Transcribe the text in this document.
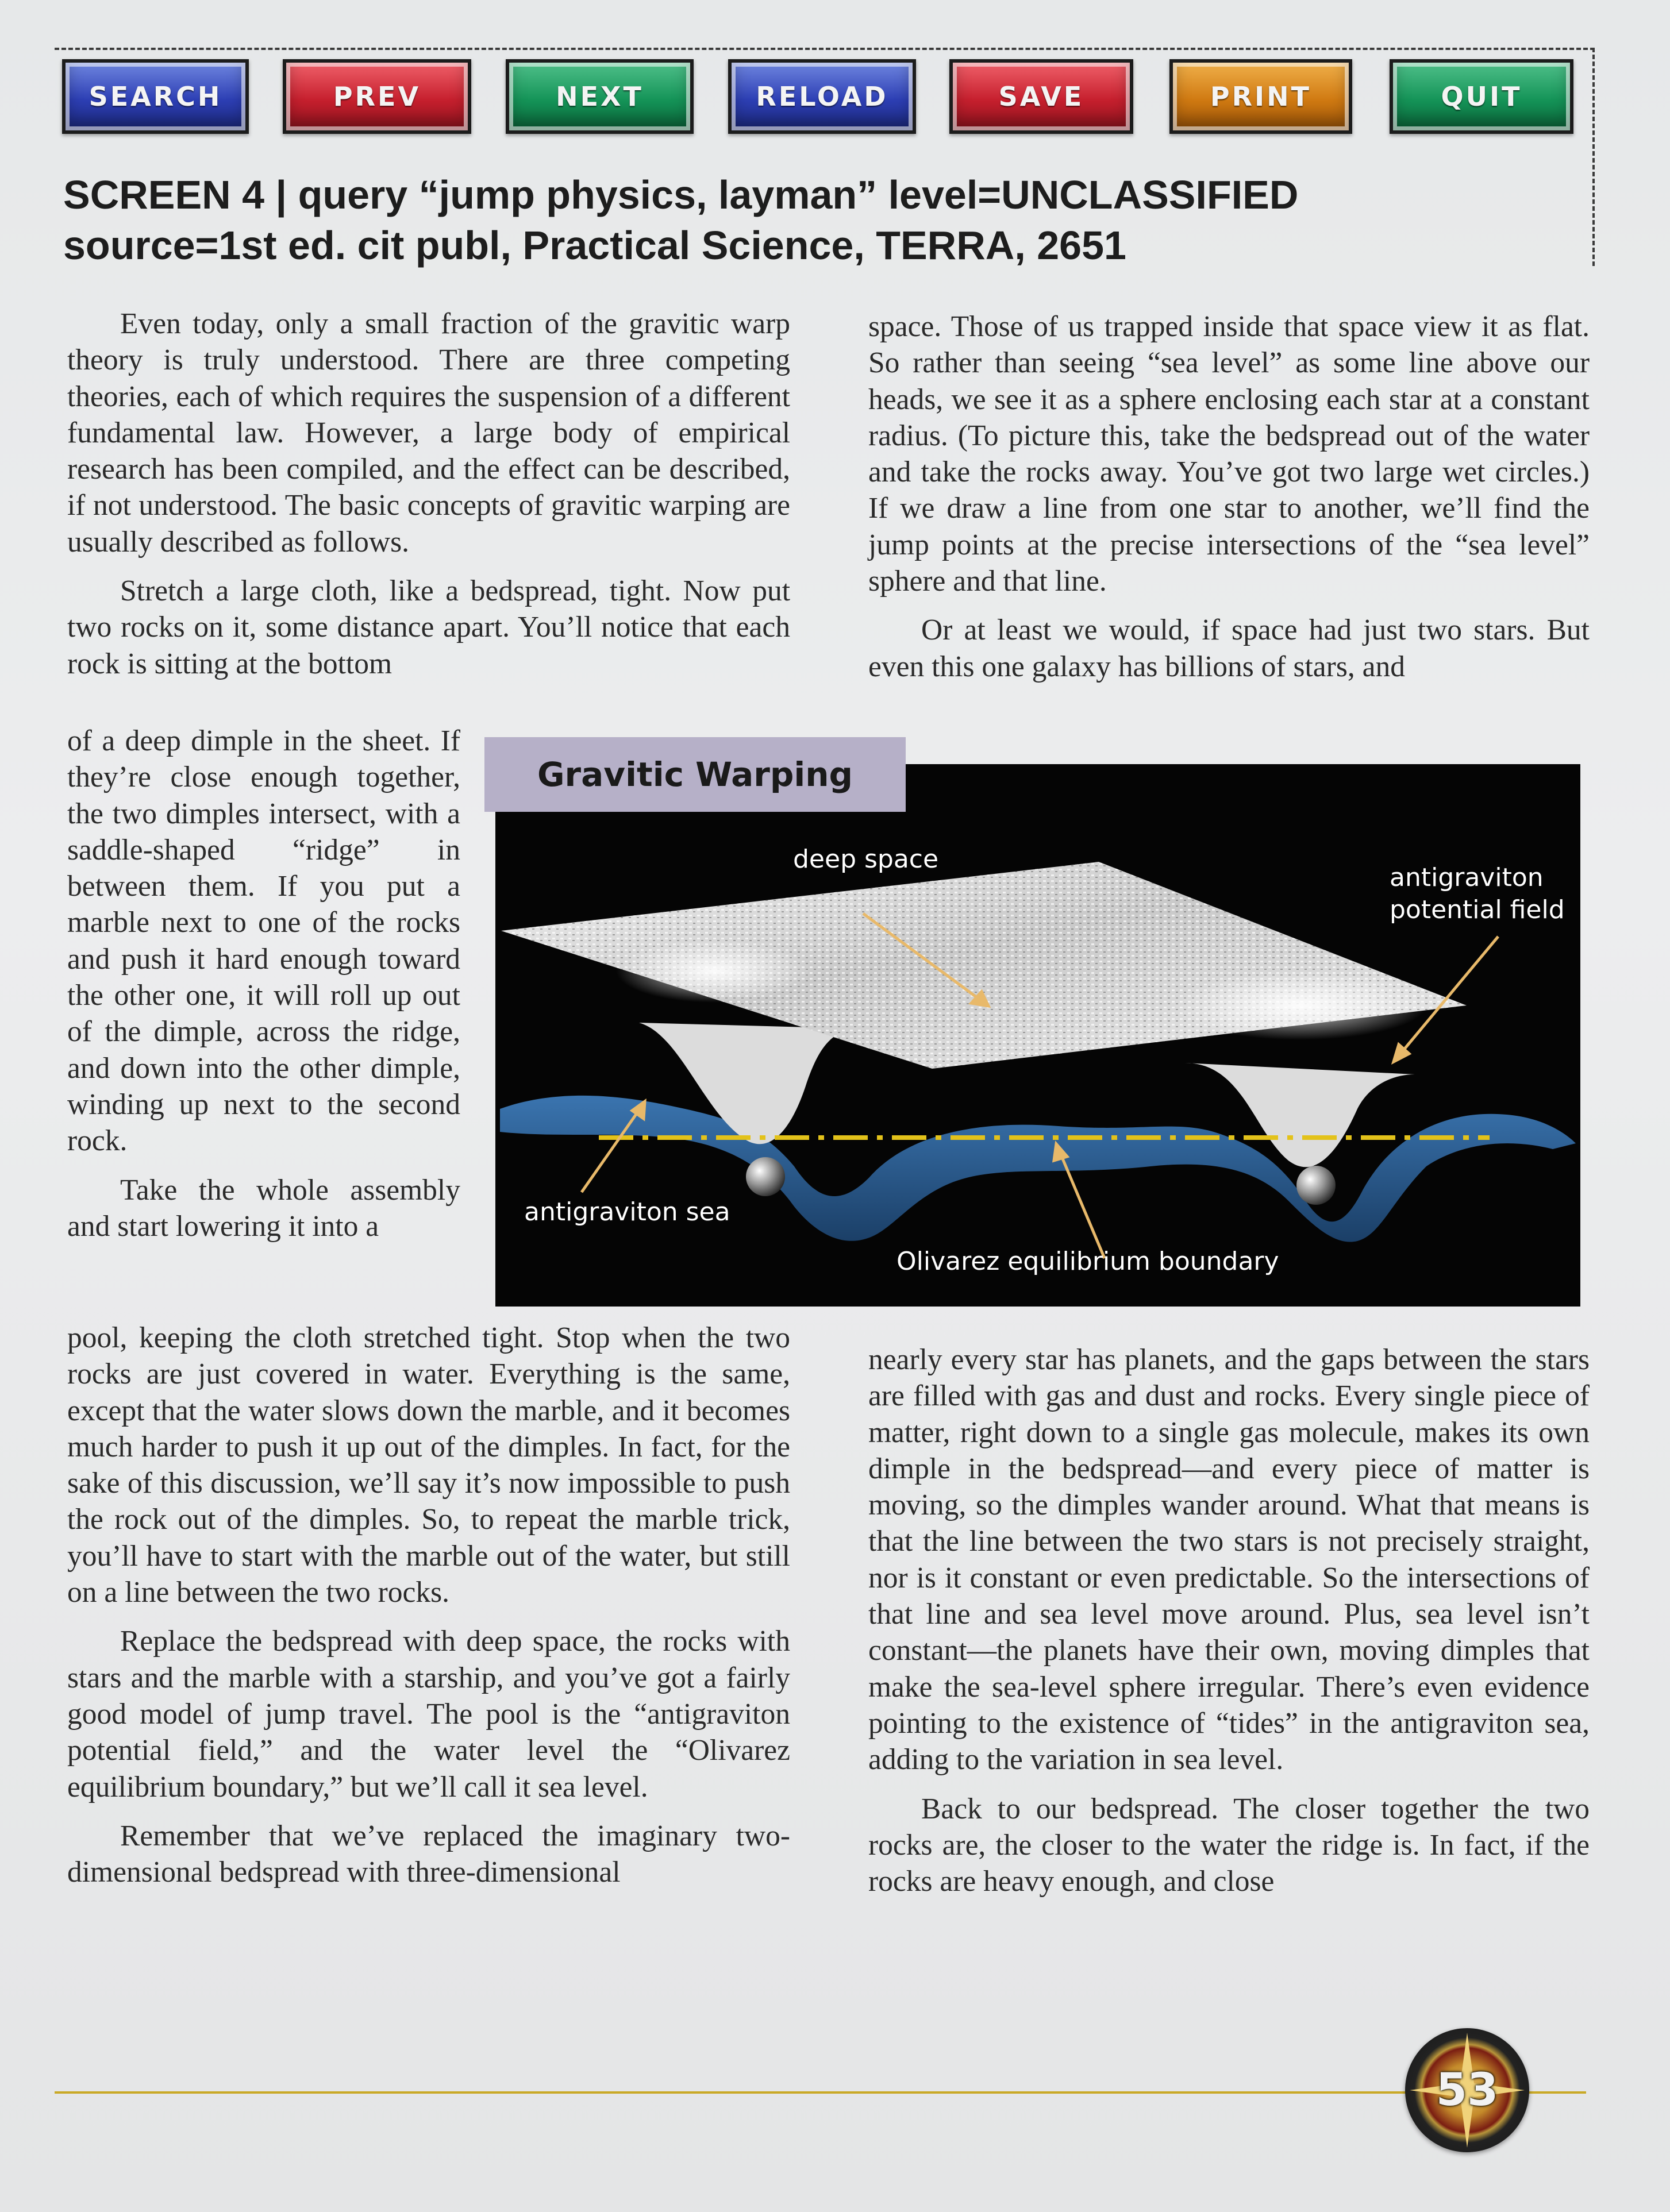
SEARCH	PREV	NEXT	RELOAD	SAVE	PRINT	QUIT
SCREEN 4 | query “jump physics, layman” level=UNCLASSIFIED
source=1st ed. cit publ, Practical Science, TERRA, 2651

Even today, only a small fraction of the gravitic warp theory is truly understood. There are three competing theories, each of which requires the suspension of a different fundamental law. However, a large body of empirical research has been compiled, and the effect can be described, if not understood. The basic concepts of gravitic warping are usually described as follows.

Stretch a large cloth, like a bedspread, tight. Now put two rocks on it, some distance apart. You’ll notice that each rock is sitting at the bottom

of a deep dimple in the sheet. If they’re close enough together, the two dimples intersect, with a saddle-shaped “ridge” in between them. If you put a marble next to one of the rocks and push it hard enough toward the other one, it will roll up out of the dimple, across the ridge, and down into the other dimple, winding up next to the second rock.

Take the whole assembly and start lowering it into a

pool, keeping the cloth stretched tight. Stop when the two rocks are just covered in water. Everything is the same, except that the water slows down the marble, and it becomes much harder to push it up out of the dimples. In fact, for the sake of this discussion, we’ll say it’s now impossible to push the rock out of the dimples. So, to repeat the marble trick, you’ll have to start with the marble out of the water, but still on a line between the two rocks.

Replace the bedspread with deep space, the rocks with stars and the marble with a starship, and you’ve got a fairly good model of jump travel. The pool is the “antigraviton potential field,” and the water level the “Olivarez equilibrium boundary,” but we’ll call it sea level.

Remember that we’ve replaced the imaginary two-dimensional bedspread with three-dimensional

space. Those of us trapped inside that space view it as flat. So rather than seeing “sea level” as some line above our heads, we see it as a sphere enclosing each star at a constant radius. (To picture this, take the bedspread out of the water and take the rocks away. You’ve got two large wet circles.) If we draw a line from one star to another, we’ll find the jump points at the precise intersections of the “sea level” sphere and that line.

Or at least we would, if space had just two stars. But even this one galaxy has billions of stars, and

nearly every star has planets, and the gaps between the stars are filled with gas and dust and rocks. Every single piece of matter, right down to a single gas molecule, makes its own dimple in the bedspread—and every piece of matter is moving, so the dimples wander around. What that means is that the line between the two stars is not precisely straight, nor is it constant or even predictable. So the intersections of that line and sea level move around. Plus, sea level isn’t constant—the planets have their own, moving dimples that make the sea-level sphere irregular. There’s even evidence pointing to the existence of “tides” in the antigraviton sea, adding to the variation in sea level.

Back to our bedspread. The closer together the two rocks are, the closer to the water the ridge is. In fact, if the rocks are heavy enough, and close

deep space
antigraviton
potential field
antigraviton sea
Olivarez equilibrium boundary
Gravitic Warping
53
